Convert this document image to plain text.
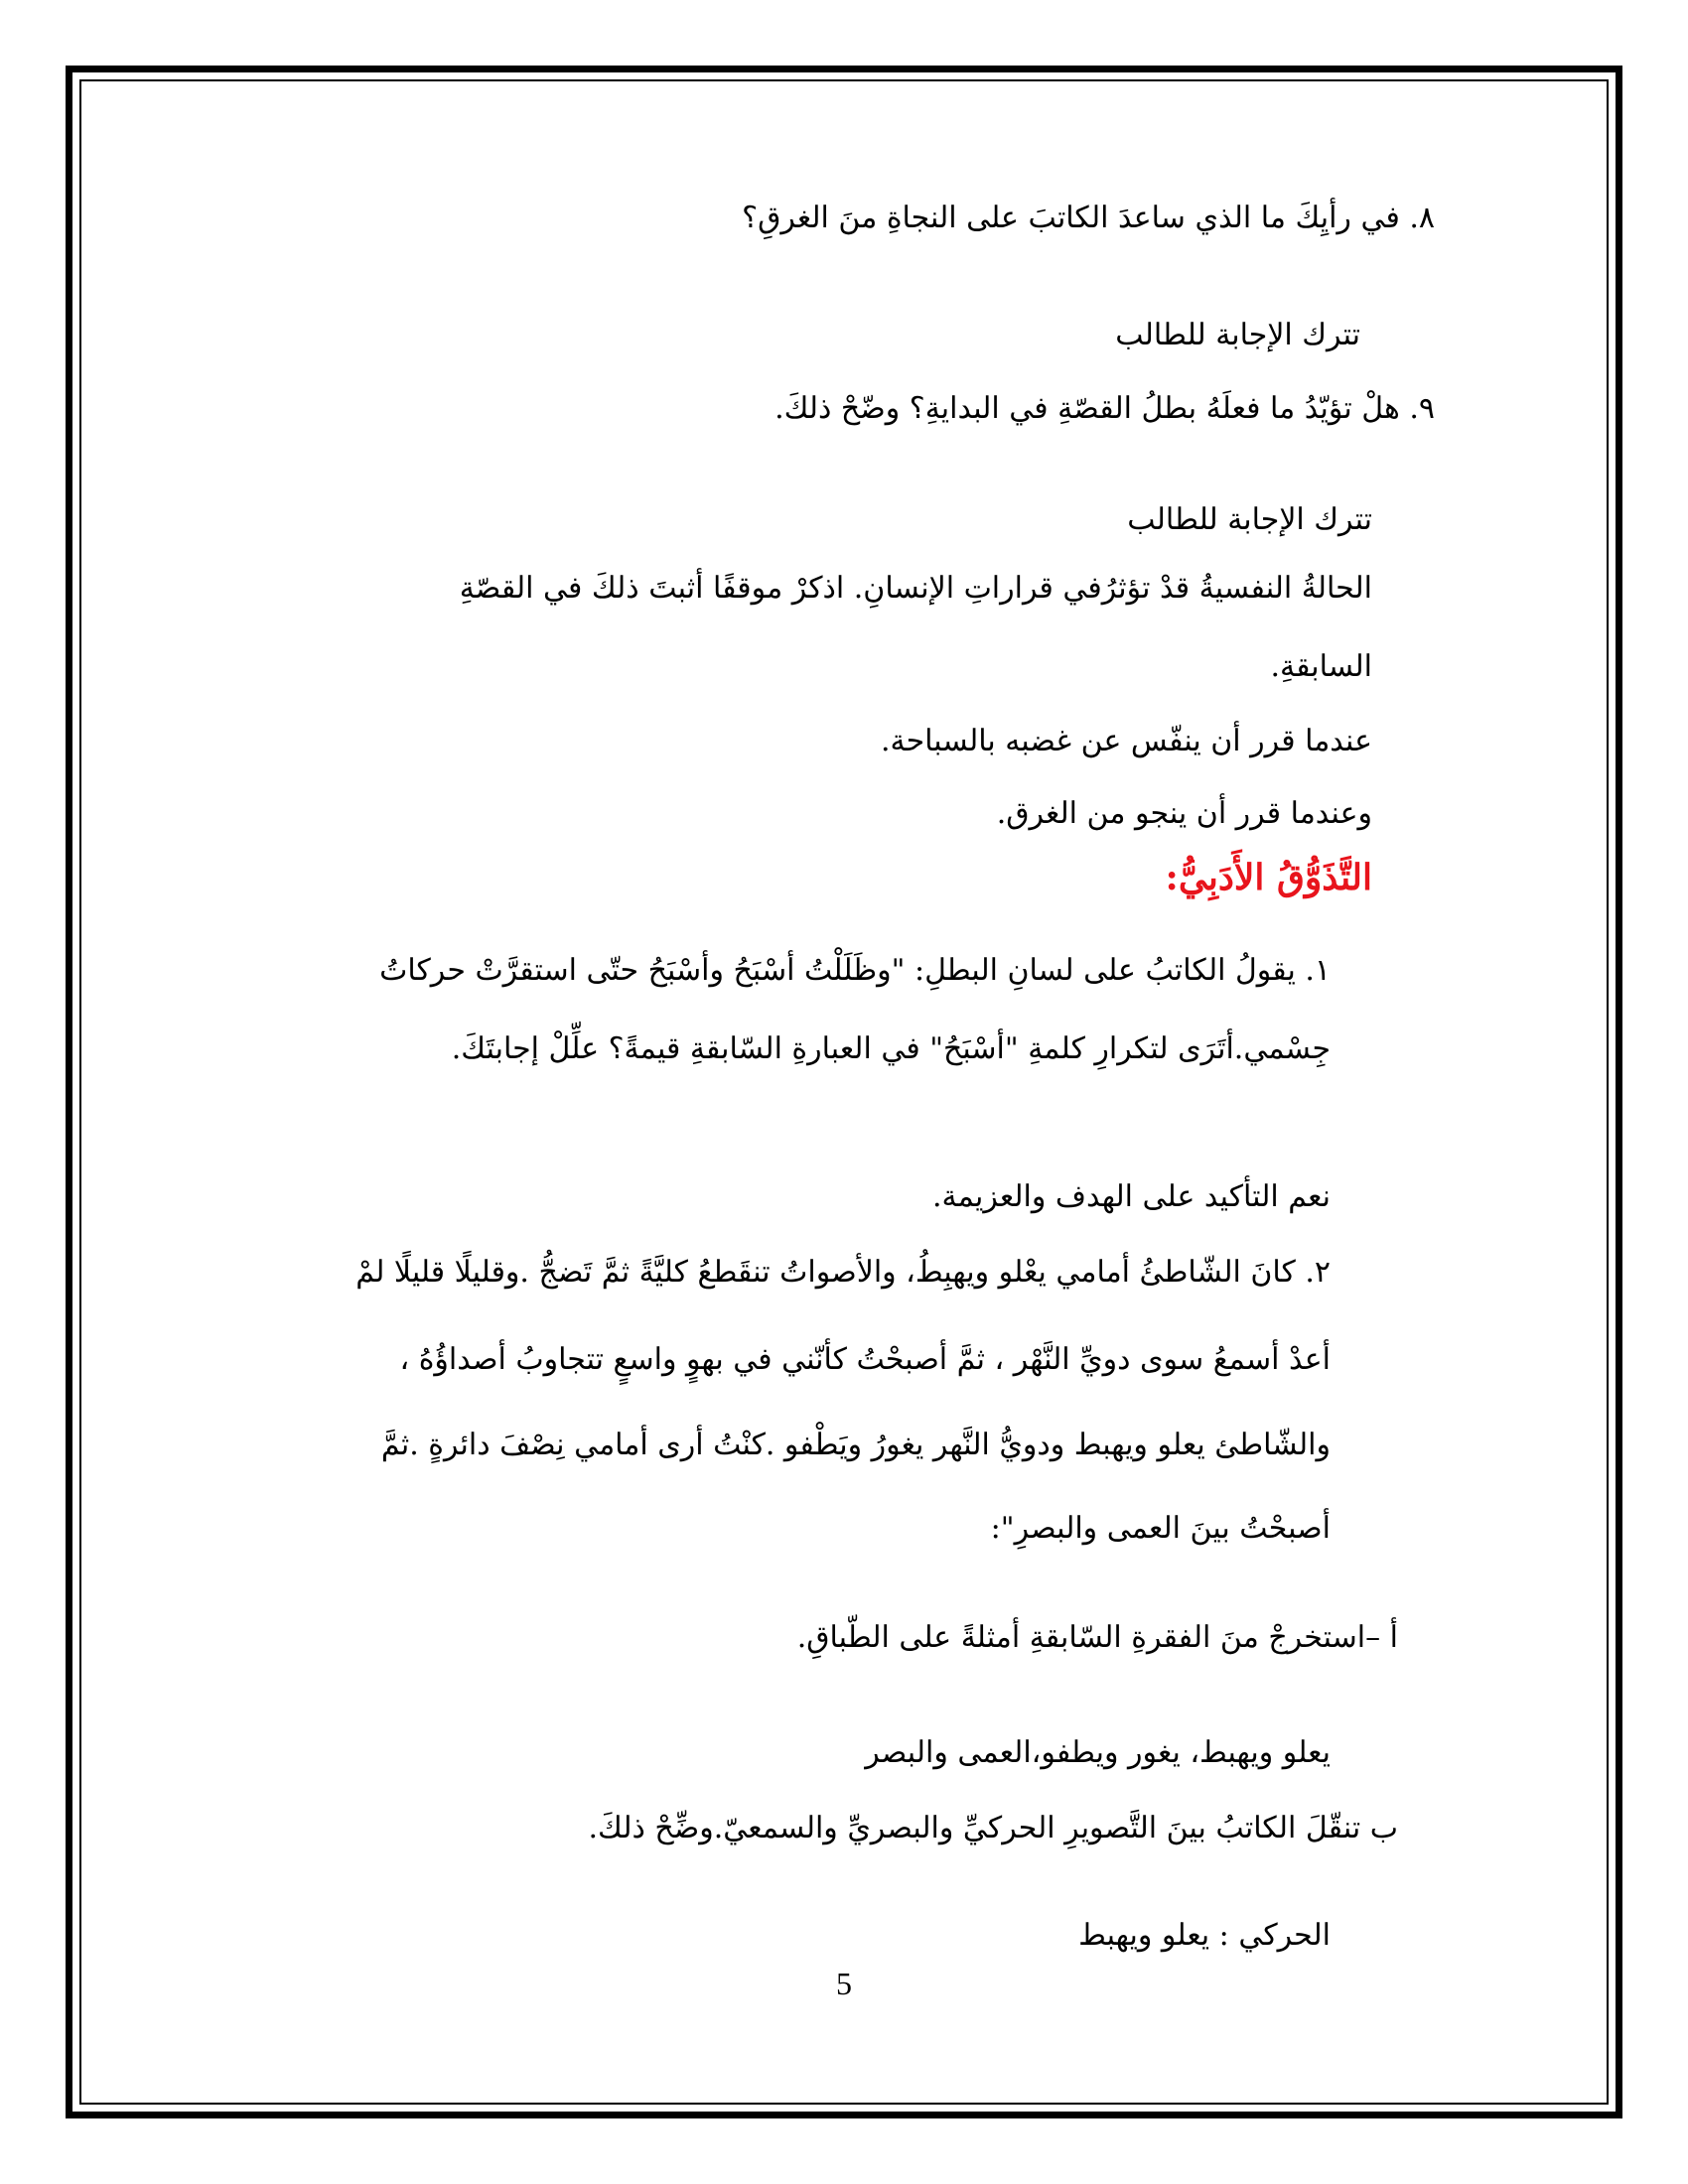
٨. في رأيِكَ ما الذي ساعدَ الكاتبَ على النجاةِ منَ الغرقِ؟
تترك الإجابة للطالب
٩. هلْ تؤيّدُ ما فعلَهُ بطلُ القصّةِ في البدايةِ؟ وضّحْ ذلكَ.
تترك الإجابة للطالب
الحالةُ النفسيةُ قدْ تؤثرُفي قراراتِ الإنسانِ. اذكرْ موقفًا أثبتَ ذلكَ في القصّةِ
السابقةِ.
عندما قرر أن ينفّس عن غضبه بالسباحة.
وعندما قرر أن ينجو من الغرق.
التَّذَوُّقُ الأَدَبِيُّ:
١. يقولُ الكاتبُ على لسانِ البطلِ: "وظَلَلْتُ أسْبَحُ وأسْبَحُ حتّى استقرَّتْ حركاتُ
جِسْمي.أتَرَى لتكرارِ كلمةِ "أسْبَحُ" في العبارةِ السّابقةِ قيمةً؟ علِّلْ إجابتَكَ.
نعم التأكيد على الهدف والعزيمة.
٢. كانَ الشّاطئُ أمامي يعْلو ويهبِطُ، والأصواتُ تنقَطعُ كليَّةً ثمَّ تَضجُّ .وقليلًا قليلًا لمْ
أعدْ أسمعُ سوى دويِّ النَّهْر ، ثمَّ أصبحْتُ كأنّني في بهوٍ واسعٍ تتجاوبُ أصداؤُهُ ،
والشّاطئ يعلو ويهبط ودويُّ النَّهر يغورُ ويَطْفو .كنْتُ أرى أمامي نِصْفَ دائرةٍ .ثمَّ
أصبحْتُ بينَ العمى والبصرِ":
أ –استخرجْ منَ الفقرةِ السّابقةِ أمثلةً على الطّباقِ.
يعلو ويهبط، يغور ويطفو،العمى والبصر
ب تنقّلَ الكاتبُ بينَ التَّصويرِ الحركيِّ والبصريِّ والسمعيّ.وضِّحْ ذلكَ.
الحركي : يعلو ويهبط
5
